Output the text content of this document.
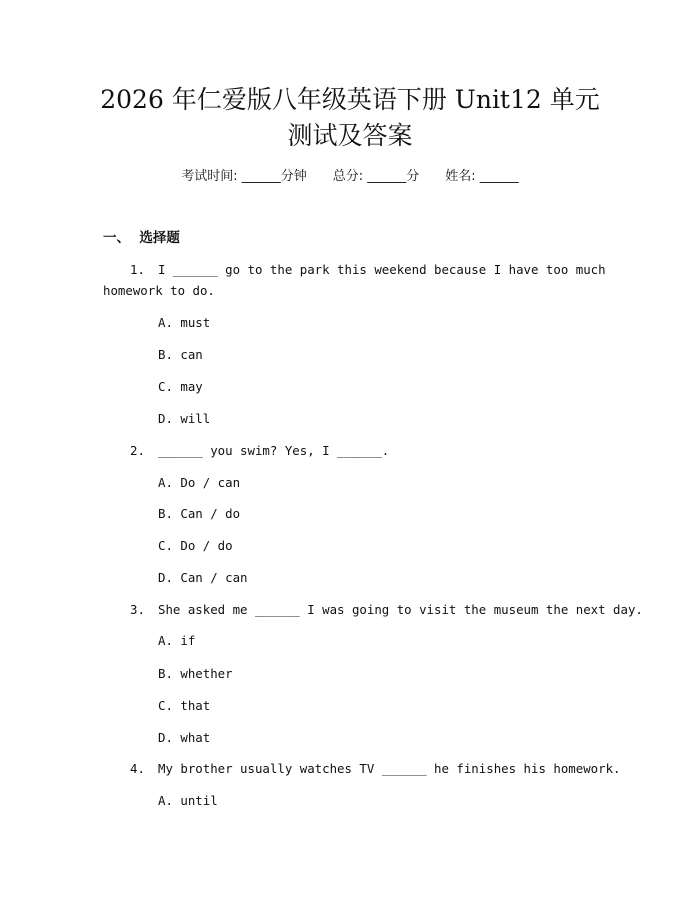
2026 年仁爱版八年级英语下册 Unit12 单元
测试及答案
考试时间: ______分钟 总分: ______分 姓名: ______
一、  选择题
1. I ______ go to the park this weekend because I have too much
homework to do.
A. must
B. can
C. may
D. will
2. ______ you swim? Yes, I ______.
A. Do / can
B. Can / do
C. Do / do
D. Can / can
3. She asked me ______ I was going to visit the museum the next day.
A. if
B. whether
C. that
D. what
4. My brother usually watches TV ______ he finishes his homework.
A. until
